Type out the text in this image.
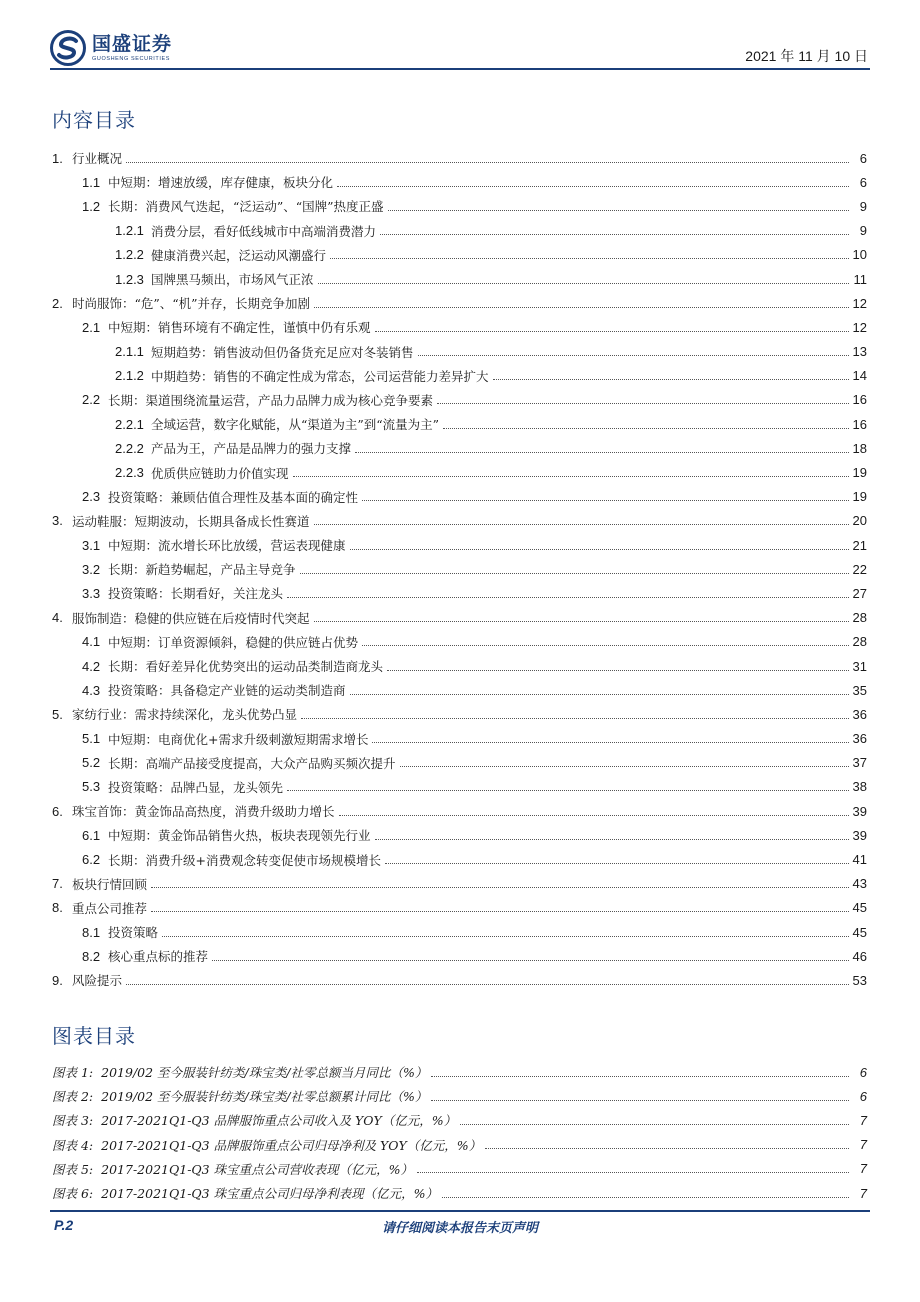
国盛证券
GUOSHENG SECURITIES	2021 年 11 月 10 日
内容目录
1. 行业概况	6
1.1 中短期：增速放缓，库存健康，板块分化	6
1.2 长期：消费风气迭起，“泛运动”、“国牌”热度正盛	9
1.2.1 消费分层，看好低线城市中高端消费潜力	9
1.2.2 健康消费兴起，泛运动风潮盛行	10
1.2.3 国牌黑马频出，市场风气正浓	11
2. 时尚服饰：“危”、“机”并存，长期竞争加剧	12
2.1 中短期：销售环境有不确定性，谨慎中仍有乐观	12
2.1.1 短期趋势：销售波动但仍备货充足应对冬装销售	13
2.1.2 中期趋势：销售的不确定性成为常态，公司运营能力差异扩大	14
2.2 长期：渠道围绕流量运营，产品力品牌力成为核心竞争要素	16
2.2.1 全域运营，数字化赋能，从“渠道为主”到“流量为主”	16
2.2.2 产品为王，产品是品牌力的强力支撑	18
2.2.3 优质供应链助力价值实现	19
2.3 投资策略：兼顾估值合理性及基本面的确定性	19
3. 运动鞋服：短期波动，长期具备成长性赛道	20
3.1 中短期：流水增长环比放缓，营运表现健康	21
3.2 长期：新趋势崛起，产品主导竞争	22
3.3 投资策略：长期看好，关注龙头	27
4. 服饰制造：稳健的供应链在后疫情时代突起	28
4.1 中短期：订单资源倾斜，稳健的供应链占优势	28
4.2 长期：看好差异化优势突出的运动品类制造商龙头	31
4.3 投资策略：具备稳定产业链的运动类制造商	35
5. 家纺行业：需求持续深化，龙头优势凸显	36
5.1 中短期：电商优化+需求升级刺激短期需求增长	36
5.2 长期：高端产品接受度提高，大众产品购买频次提升	37
5.3 投资策略：品牌凸显，龙头领先	38
6. 珠宝首饰：黄金饰品高热度，消费升级助力增长	39
6.1 中短期：黄金饰品销售火热，板块表现领先行业	39
6.2 长期：消费升级+消费观念转变促使市场规模增长	41
7. 板块行情回顾	43
8. 重点公司推荐	45
8.1 投资策略	45
8.2 核心重点标的推荐	46
9. 风险提示	53
图表目录
图表 1: 2019/02 至今服装针纺类/珠宝类/社零总额当月同比（%）	6
图表 2: 2019/02 至今服装针纺类/珠宝类/社零总额累计同比（%）	6
图表 3: 2017-2021Q1-Q3 品牌服饰重点公司收入及 YOY（亿元，%）	7
图表 4: 2017-2021Q1-Q3 品牌服饰重点公司归母净利及 YOY（亿元，%）	7
图表 5: 2017-2021Q1-Q3 珠宝重点公司营收表现（亿元，%）	7
图表 6: 2017-2021Q1-Q3 珠宝重点公司归母净利表现（亿元，%）	7
P.2	请仔细阅读本报告末页声明
